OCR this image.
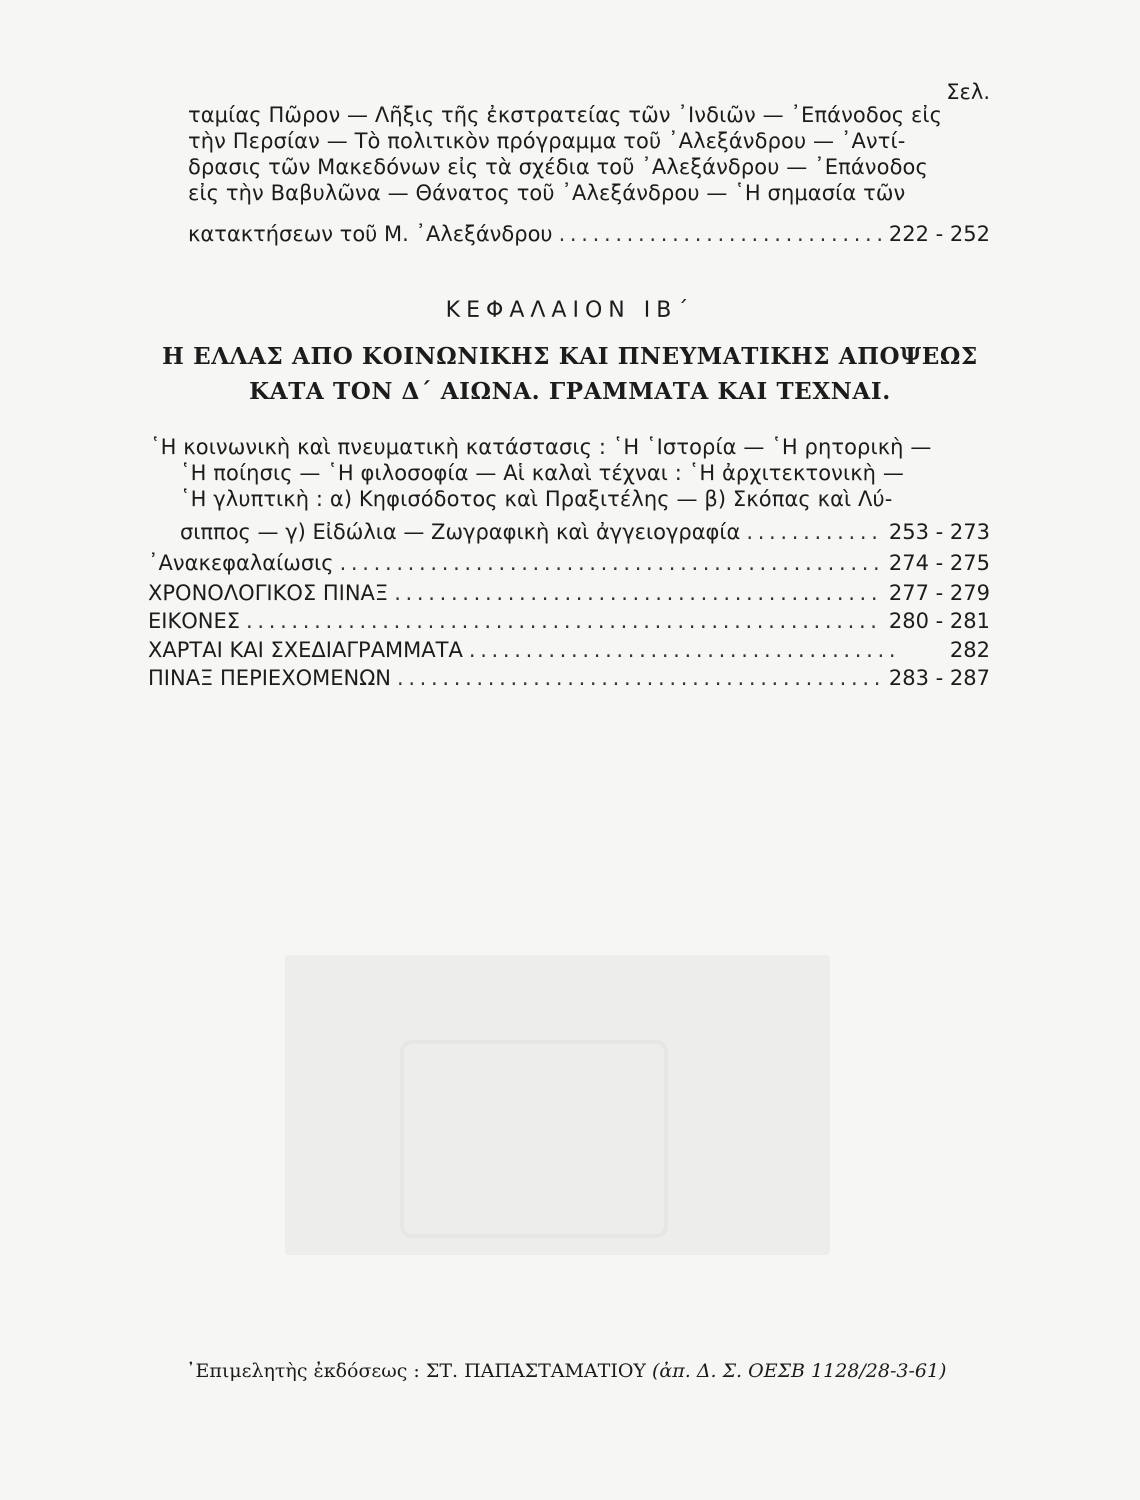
Σελ.
ταμίας Πῶρον — Λῆξις τῆς ἐκστρατείας τῶν ᾿Ινδιῶν — ᾿Επάνοδος εἰς
τὴν Περσίαν — Τὸ πολιτικὸν πρόγραμμα τοῦ ᾿Αλεξάνδρου — ᾿Αντί-
δρασις τῶν Μακεδόνων εἰς τὰ σχέδια τοῦ ᾿Αλεξάνδρου — ᾿Επάνοδος
εἰς τὴν Βαβυλῶνα — Θάνατος τοῦ ᾿Αλεξάνδρου — ῾Η σημασία τῶν
κατακτήσεων τοῦ Μ. ᾿Αλεξάνδρου . . .	222 - 252
ΚΕΦΑΛΑΙΟΝ ΙΒ΄
Η ΕΛΛΑΣ ΑΠΟ ΚΟΙΝΩΝΙΚΗΣ ΚΑΙ ΠΝΕΥΜΑΤΙΚΗΣ ΑΠΟΨΕΩΣ
ΚΑΤΑ ΤΟΝ Δ΄ ΑΙΩΝΑ. ΓΡΑΜΜΑΤΑ ΚΑΙ ΤΕΧΝΑΙ.
῾Η κοινωνικὴ καὶ πνευματικὴ κατάστασις : ῾Η ῾Ιστορία — ῾Η ρητορικὴ —
῾Η ποίησις — ῾Η φιλοσοφία — Αἱ καλαὶ τέχναι : ῾Η ἀρχιτεκτονικὴ —
῾Η γλυπτικὴ : α) Κηφισόδοτος καὶ Πραξιτέλης — β) Σκόπας καὶ Λύ-
σιππος — γ) Εἰδώλια — Ζωγραφικὴ καὶ ἀγγειογραφία . . .	253 - 273
᾿Ανακεφαλαίωσις . . .	274 - 275
ΧΡΟΝΟΛΟΓΙΚΟΣ ΠΙΝΑΞ . . .	277 - 279
ΕΙΚΟΝΕΣ . . .	280 - 281
ΧΑΡΤΑΙ ΚΑΙ ΣΧΕΔΙΑΓΡΑΜΜΑΤΑ . . .	282
ΠΙΝΑΞ ΠΕΡΙΕΧΟΜΕΝΩΝ . . .	283 - 287
᾿Επιμελητὴς ἐκδόσεως : ΣΤ. ΠΑΠΑΣΤΑΜΑΤΙΟΥ (ἀπ. Δ. Σ. ΟΕΣΒ 1128/28-3-61)
